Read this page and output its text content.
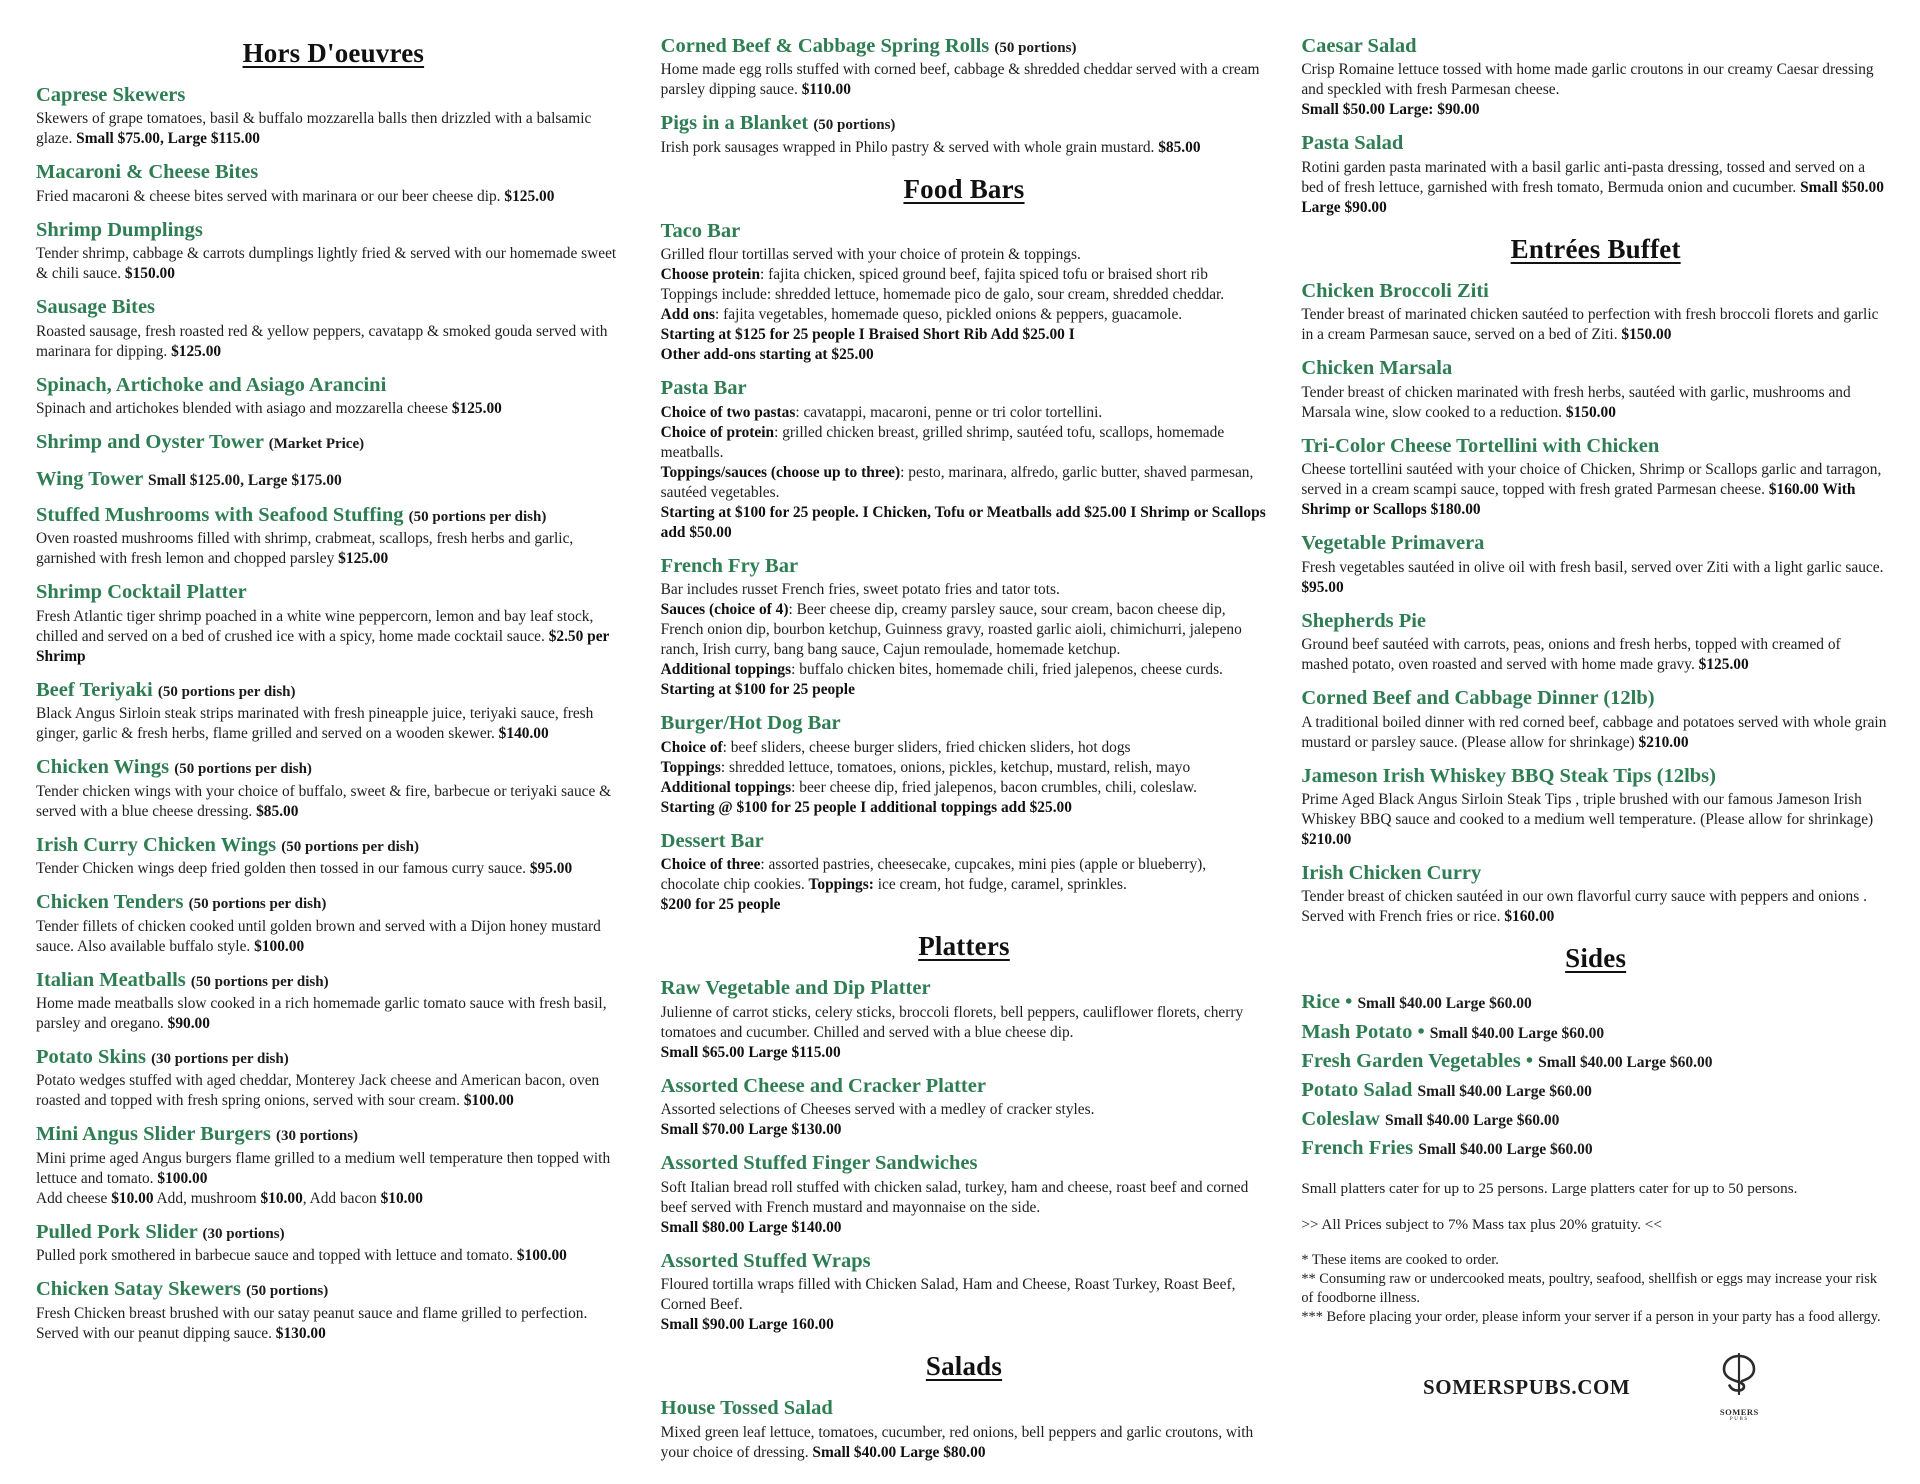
Hors D'oeuvres
Caprese Skewers
Skewers of grape tomatoes, basil & buffalo mozzarella balls then drizzled with a balsamic glaze. Small $75.00, Large $115.00
Macaroni & Cheese Bites
Fried macaroni & cheese bites served with marinara or our beer cheese dip. $125.00
Shrimp Dumplings
Tender shrimp, cabbage & carrots dumplings lightly fried & served with our homemade sweet & chili sauce. $150.00
Sausage Bites
Roasted sausage, fresh roasted red & yellow peppers, cavatapp & smoked gouda served with marinara for dipping. $125.00
Spinach, Artichoke and Asiago Arancini
Spinach and artichokes blended with asiago and mozzarella cheese $125.00
Shrimp and Oyster Tower (Market Price)
Wing Tower Small $125.00, Large $175.00
Stuffed Mushrooms with Seafood Stuffing (50 portions per dish)
Oven roasted mushrooms filled with shrimp, crabmeat, scallops, fresh herbs and garlic, garnished with fresh lemon and chopped parsley $125.00
Shrimp Cocktail Platter
Fresh Atlantic tiger shrimp poached in a white wine peppercorn, lemon and bay leaf stock, chilled and served on a bed of crushed ice with a spicy, home made cocktail sauce. $2.50 per Shrimp
Beef Teriyaki (50 portions per dish)
Black Angus Sirloin steak strips marinated with fresh pineapple juice, teriyaki sauce, fresh ginger, garlic & fresh herbs, flame grilled and served on a wooden skewer. $140.00
Chicken Wings (50 portions per dish)
Tender chicken wings with your choice of buffalo, sweet & fire, barbecue or teriyaki sauce & served with a blue cheese dressing. $85.00
Irish Curry Chicken Wings (50 portions per dish)
Tender Chicken wings deep fried golden then tossed in our famous curry sauce. $95.00
Chicken Tenders (50 portions per dish)
Tender fillets of chicken cooked until golden brown and served with a Dijon honey mustard sauce. Also available buffalo style. $100.00
Italian Meatballs (50 portions per dish)
Home made meatballs slow cooked in a rich homemade garlic tomato sauce with fresh basil, parsley and oregano. $90.00
Potato Skins (30 portions per dish)
Potato wedges stuffed with aged cheddar, Monterey Jack cheese and American bacon, oven roasted and topped with fresh spring onions, served with sour cream. $100.00
Mini Angus Slider Burgers (30 portions)
Mini prime aged Angus burgers flame grilled to a medium well temperature then topped with lettuce and tomato. $100.00
Add cheese $10.00 Add, mushroom $10.00, Add bacon $10.00
Pulled Pork Slider (30 portions)
Pulled pork smothered in barbecue sauce and topped with lettuce and tomato. $100.00
Chicken Satay Skewers (50 portions)
Fresh Chicken breast brushed with our satay peanut sauce and flame grilled to perfection. Served with our peanut dipping sauce. $130.00
Corned Beef & Cabbage Spring Rolls (50 portions)
Home made egg rolls stuffed with corned beef, cabbage & shredded cheddar served with a cream parsley dipping sauce. $110.00
Pigs in a Blanket (50 portions)
Irish pork sausages wrapped in Philo pastry & served with whole grain mustard. $85.00
Food Bars
Taco Bar
Grilled flour tortillas served with your choice of protein & toppings.
Choose protein: fajita chicken, spiced ground beef, fajita spiced tofu or braised short rib Toppings include: shredded lettuce, homemade pico de galo, sour cream, shredded cheddar.
Add ons: fajita vegetables, homemade queso, pickled onions & peppers, guacamole.
Starting at $125 for 25 people I Braised Short Rib Add $25.00 I
Other add-ons starting at $25.00
Pasta Bar
Choice of two pastas: cavatappi, macaroni, penne or tri color tortellini.
Choice of protein: grilled chicken breast, grilled shrimp, sautéed tofu, scallops, homemade meatballs.
Toppings/sauces (choose up to three): pesto, marinara, alfredo, garlic butter, shaved parmesan, sautéed vegetables.
Starting at $100 for 25 people. I Chicken, Tofu or Meatballs add $25.00 I Shrimp or Scallops add $50.00
French Fry Bar
Bar includes russet French fries, sweet potato fries and tator tots.
Sauces (choice of 4): Beer cheese dip, creamy parsley sauce, sour cream, bacon cheese dip, French onion dip, bourbon ketchup, Guinness gravy, roasted garlic aioli, chimichurri, jalepeno ranch, Irish curry, bang bang sauce, Cajun remoulade, homemade ketchup.
Additional toppings: buffalo chicken bites, homemade chili, fried jalepenos, cheese curds. Starting at $100 for 25 people
Burger/Hot Dog Bar
Choice of: beef sliders, cheese burger sliders, fried chicken sliders, hot dogs
Toppings: shredded lettuce, tomatoes, onions, pickles, ketchup, mustard, relish, mayo
Additional toppings: beer cheese dip, fried jalepenos, bacon crumbles, chili, coleslaw.
Starting @ $100 for 25 people I additional toppings add $25.00
Dessert Bar
Choice of three: assorted pastries, cheesecake, cupcakes, mini pies (apple or blueberry), chocolate chip cookies. Toppings: ice cream, hot fudge, caramel, sprinkles.
$200 for 25 people
Platters
Raw Vegetable and Dip Platter
Julienne of carrot sticks, celery sticks, broccoli florets, bell peppers, cauliflower florets, cherry tomatoes and cucumber. Chilled and served with a blue cheese dip.
Small $65.00 Large $115.00
Assorted Cheese and Cracker Platter
Assorted selections of Cheeses served with a medley of cracker styles.
Small $70.00 Large $130.00
Assorted Stuffed Finger Sandwiches
Soft Italian bread roll stuffed with chicken salad, turkey, ham and cheese, roast beef and corned beef served with French mustard and mayonnaise on the side.
Small $80.00 Large $140.00
Assorted Stuffed Wraps
Floured tortilla wraps filled with Chicken Salad, Ham and Cheese, Roast Turkey, Roast Beef, Corned Beef.
Small $90.00 Large 160.00
Salads
House Tossed Salad
Mixed green leaf lettuce, tomatoes, cucumber, red onions, bell peppers and garlic croutons, with your choice of dressing. Small $40.00 Large $80.00
Caesar Salad
Crisp Romaine lettuce tossed with home made garlic croutons in our creamy Caesar dressing and speckled with fresh Parmesan cheese.
Small $50.00 Large: $90.00
Pasta Salad
Rotini garden pasta marinated with a basil garlic anti-pasta dressing, tossed and served on a bed of fresh lettuce, garnished with fresh tomato, Bermuda onion and cucumber. Small $50.00 Large $90.00
Entrées Buffet
Chicken Broccoli Ziti
Tender breast of marinated chicken sautéed to perfection with fresh broccoli florets and garlic in a cream Parmesan sauce, served on a bed of Ziti. $150.00
Chicken Marsala
Tender breast of chicken marinated with fresh herbs, sautéed with garlic, mushrooms and Marsala wine, slow cooked to a reduction. $150.00
Tri-Color Cheese Tortellini with Chicken
Cheese tortellini sautéed with your choice of Chicken, Shrimp or Scallops garlic and tarragon, served in a cream scampi sauce, topped with fresh grated Parmesan cheese. $160.00 With Shrimp or Scallops $180.00
Vegetable Primavera
Fresh vegetables sautéed in olive oil with fresh basil, served over Ziti with a light garlic sauce. $95.00
Shepherds Pie
Ground beef sautéed with carrots, peas, onions and fresh herbs, topped with creamed of mashed potato, oven roasted and served with home made gravy. $125.00
Corned Beef and Cabbage Dinner (12lb)
A traditional boiled dinner with red corned beef, cabbage and potatoes served with whole grain mustard or parsley sauce. (Please allow for shrinkage) $210.00
Jameson Irish Whiskey BBQ Steak Tips (12lbs)
Prime Aged Black Angus Sirloin Steak Tips , triple brushed with our famous Jameson Irish Whiskey BBQ sauce and cooked to a medium well temperature. (Please allow for shrinkage) $210.00
Irish Chicken Curry
Tender breast of chicken sautéed in our own flavorful curry sauce with peppers and onions . Served with French fries or rice. $160.00
Sides
Rice • Small $40.00 Large $60.00
Mash Potato • Small $40.00 Large $60.00
Fresh Garden Vegetables • Small $40.00 Large $60.00
Potato Salad Small $40.00 Large $60.00
Coleslaw Small $40.00 Large $60.00
French Fries Small $40.00 Large $60.00
Small platters cater for up to 25 persons. Large platters cater for up to 50 persons.
>> All Prices subject to 7% Mass tax plus 20% gratuity. <<
* These items are cooked to order.
** Consuming raw or undercooked meats, poultry, seafood, shellfish or eggs may increase your risk of foodborne illness.
*** Before placing your order, please inform your server if a person in your party has a food allergy.
SOMERSPUBS.COM
SOMERS
PUBS
